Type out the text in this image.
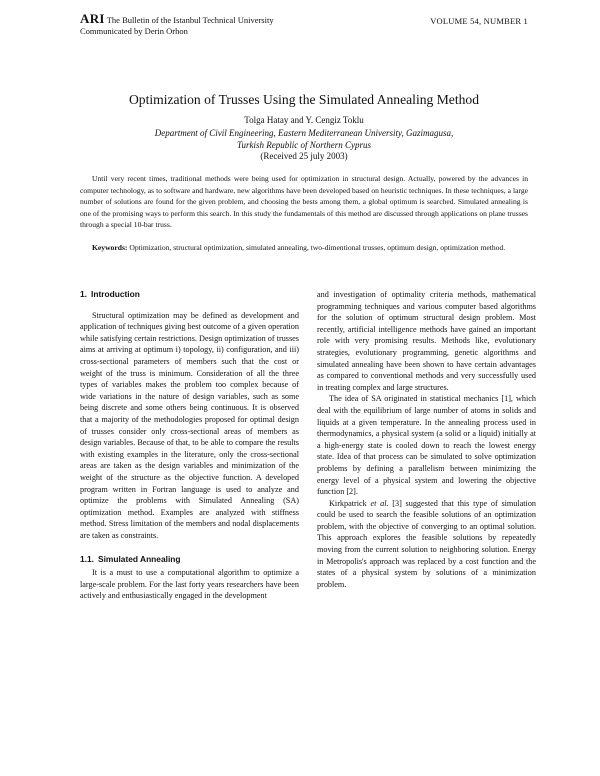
ARI The Bulletin of the Istanbul Technical University
Communicated by Derin Orhon
VOLUME 54, NUMBER 1
Optimization of Trusses Using the Simulated Annealing Method
Tolga Hatay and Y. Cengiz Toklu
Department of Civil Engineering, Eastern Mediterranean University, Gazimagusa,
Turkish Republic of Northern Cyprus
(Received 25 july 2003)

Until very recent times, traditional methods were being used for optimization in structural design. Actually, powered by the advances in computer technology, as to software and hardware, new algorithms have been developed based on heuristic techniques. In these techniques, a large number of solutions are found for the given problem, and choosing the bests among them, a global optimum is searched. Simulated annealing is one of the promising ways to perform this search. In this study the fundamentals of this method are discussed through applications on plane trusses through a special 10-bar truss.

Keywords: Optimization, structural optimization, simulated annealing, two-dimentional trusses, optimum design, optimization method.

1. Introduction

Structural optimization may be defined as development and application of techniques giving best outcome of a given operation while satisfying certain restrictions. Design optimization of trusses aims at arriving at optimum i) topology, ii) configuration, and iii) cross-sectional parameters of members such that the cost or weight of the truss is minimum. Consideration of all the three types of variables makes the problem too complex because of wide variations in the nature of design variables, such as some being discrete and some others being continuous. It is observed that a majority of the methodologies proposed for optimal design of trusses consider only cross-sectional areas of members as design variables. Because of that, to be able to compare the results with existing examples in the literature, only the cross-sectional areas are taken as the design variables and minimization of the weight of the structure as the objective function. A developed program written in Fortran language is used to analyze and optimize the problems with Simulated Annealing (SA) optimization method. Examples are analyzed with stiffness method. Stress limitation of the members and nodal displacements are taken as constraints.

1.1. Simulated Annealing

It is a must to use a computational algorithm to optimize a large-scale problem. For the last forty years researchers have been actively and enthusiastically engaged in the development

and investigation of optimality criteria methods, mathematical programming techniques and various computer based algorithms for the solution of optimum structural design problem. Most recently, artificial intelligence methods have gained an important role with very promising results. Methods like, evolutionary strategies, evolutionary programming, genetic algorithms and simulated annealing have been shown to have certain advantages as compared to conventional methods and very successfully used in treating complex and large structures.

The idea of SA originated in statistical mechanics [1], which deal with the equilibrium of large number of atoms in solids and liquids at a given temperature. In the annealing process used in thermodynamics, a physical system (a solid or a liquid) initially at a high-energy state is cooled down to reach the lowest energy state. Idea of that process can be simulated to solve optimization problems by defining a parallelism between minimizing the energy level of a physical system and lowering the objective function [2].

Kirkpatrick et al. [3] suggested that this type of simulation could be used to search the feasible solutions of an optimization problem, with the objective of converging to an optimal solution. This approach explores the feasible solutions by repeatedly moving from the current solution to neighboring solution. Energy in Metropolis's approach was replaced by a cost function and the states of a physical system by solutions of a minimization problem.
